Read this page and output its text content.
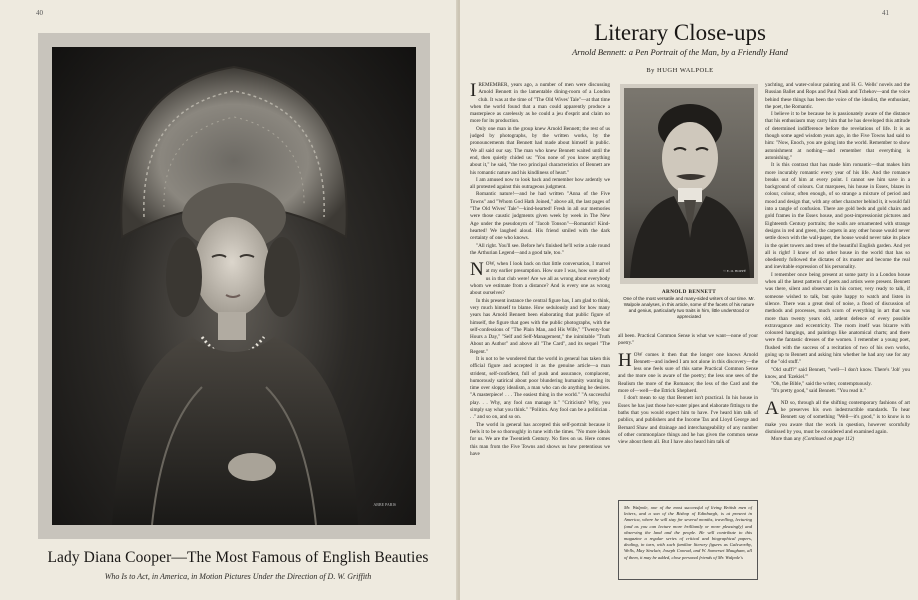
40
ABBE PARIS
Lady Diana Cooper—The Most Famous of English Beauties
Who Is to Act, in America, in Motion Pictures Under the Direction of D. W. Griffith
41
Literary Close-ups
Arnold Bennett: a Pen Portrait of the Man, by a Friendly Hand
By HUGH WALPOLE

IREMEMBER, years ago, a number of men were discussing Arnold Bennett in the lamentable dining-room of a London club. It was at the time of "The Old Wives' Tale"—at that time when the world found that a man could apparently produce a masterpiece as carelessly as he could a jeu d'esprit and claim no more for its production.

Only one man in the group knew Arnold Bennett; the rest of us judged by photographs, by the written works, by the pronouncements that Bennett had made about himself in public. We all said our say. The man who knew Bennett waited until the end, then quietly chided us: "You none of you know anything about it," he said, "the two principal characteristics of Bennett are his romantic nature and his kindliness of heart."

I am amused now to look back and remember how ardently we all protested against this outrageous judgment.

Romantic nature!—and he had written "Anna of the Five Towns" and "Whom God Hath Joined," above all, the last pages of "The Old Wives' Tale"—kind-hearted! Fresh in all our memories were those caustic judgments given week by week in The New Age under the pseudonym of "Jacob Tonson"—Romantic! Kind-hearted! We laughed aloud. His friend smiled with the dark certainty of one who knows.

"All right. You'll see. Before he's finished he'll write a tale round the Arthurian Legend—and a good tale, too."

NOW, when I look back on that little conversation, I marvel at my earlier presumption. How sure I was, how sure all of us in that club were! Are we all as wrong about everybody whom we estimate from a distance? And is every one as wrong about ourselves?

In this present instance the central figure has, I am glad to think, very much himself to blame. How sedulously and for how many years has Arnold Bennett been elaborating that public figure of himself, the figure that goes with the public photographs, with the self-confessions of "The Plain Man, and His Wife," "Twenty-four Hours a Day," "Self and Self-Management," the inimitable "Truth About an Author" and above all "The Card", and its sequel "The Regent."

It is not to be wondered that the world in general has taken this official figure and accepted it as the genuine article—a man strident, self-confident, full of push and assurance, complacent, humorously satirical about poor blundering humanity wanting its time over sloppy idealism, a man who can do anything he desires. "A masterpiece! . . . The easiest thing in the world." "A successful play. . . Why, any fool can manage it." "Criticism? Why, you simply say what you think." "Politics. Any fool can be a politician . . ." and so on, and so on.

The world in general has accepted this self-portrait because it feels it to be so thoroughly in tune with the times. "No more ideals for us. We are the Twentieth Century. No fires on us. Here comes this man from the Five Towns and shows us how pretentious we have

© E. O. HOPPÉ
ARNOLD BENNETT
One of the most versatile and many-sided writers of our time. Mr. Walpole analyses, in this article, some of the facets of his nature and genius, particularly two traits in him, little understood or appreciated

all been. Practical Common Sense is what we want—none of your poetry."

HOW comes it then that the longer one knows Arnold Bennett—and indeed I am not alone in this discovery—the less one feels sure of this same Practical Common Sense and the more one is aware of the poetry; the less one sees of the Realism the more of the Romance; the less of the Card and the more of—well—the Ettrick Shepherd.

I don't mean to say that Bennett isn't practical. In his house in Essex he has just those hot-water pipes and elaborate fittings to the baths that you would expect him to have. I've heard him talk of publics, and publishers and the Income Tax and Lloyd George and Bernard Shaw and drainage and interchangeability of any number of other commonplace things and he has given the common sense view about them all. But I have also heard him talk of

Mr. Walpole, one of the most successful of living British men of letters, and a son of the Bishop of Edinburgh, is at present in America, where he will stay for several months, travelling, lecturing (and as you can lecture more brilliantly or more pleasingly) and observing the land and the people. He will contribute to this magazine a regular series of critical and biographical papers, dealing, in turn, with such familiar literary figures as Galsworthy, Wells, May Sinclair, Joseph Conrad, and W. Somerset Maugham, all of them, it may be added, close personal friends of Mr. Walpole's

yachting, and water-colour painting and H. G. Wells' novels and the Russian Ballet and Rops and Paul Nash and Tchekov—and the voice behind these things has been the voice of the idealist, the enthusiast, the poet, the Romantic.

I believe it to be because he is passionately aware of the distance that his enthusiasm may carry him that he has developed this attitude of determined indifference before the revelations of life. It is as though some aged wisdom years ago, in the Five Towns had said to him: "Now, Enoch, you are going into the world. Remember to show astonishment at nothing—and remember that everything is astonishing."

It is this contrast that has made him romantic—that makes him more incurably romantic every year of his life. And the romance breaks out of him at every point. I cannot see him save in a background of colours. Cut marquees, his house in Essex, blazes in colour, colour, often enough, of so strange a mixture of period and mood and design that, with any other character behind it, it would fall into a tangle of confusion. There are gold beds and gold chairs and gold frames in the Essex house, and post-impressionist pictures and Eighteenth Century portraits; the walls are ornamented with strange designs in red and green, the carpets in any other house would never settle down with the wall-paper, the house would never take its place in the quiet towers and trees of the beautiful English garden. And yet all is right! I know of no other house in the world that has so obediently followed the dictates of its master and become the real and inevitable expression of his personality.

I remember once being present at some party in a London house when all the latest patterns of poets and artists were present. Bennett was there, silent and observant in his corner, very ready to talk, if someone wished to talk, but quite happy to watch and listen in silence. There was a great deal of noise, a flood of discussion of methods and processes, much scorn of everything in art that was more than twenty years old, ardent defence of every possible extravagance and eccentricity. The room itself was bizarre with coloured hangings, and paintings like anatomical charts; and there were the fantastic dresses of the women. I remember a young poet, flushed with the success of a recitation of two of his own works, going up to Bennett and asking him whether he had any use for any of the "old stuff."

"Old stuff?" said Bennett, "well—I don't know. There's 'Job' you know, and 'Ezekiel.'"

"Oh, the Bible," said the writer, contemptuously.

"It's pretty good," said Bennett. "You read it."

AND so, through all the shifting contemporary fashions of art he preserves his own indestructible standards. To hear Bennett say of something "Well—it's good," is to know is to make you aware that the work in question, however scornfully dismissed by you, must be considered and examined again.

More than any (Continued on page 112)
